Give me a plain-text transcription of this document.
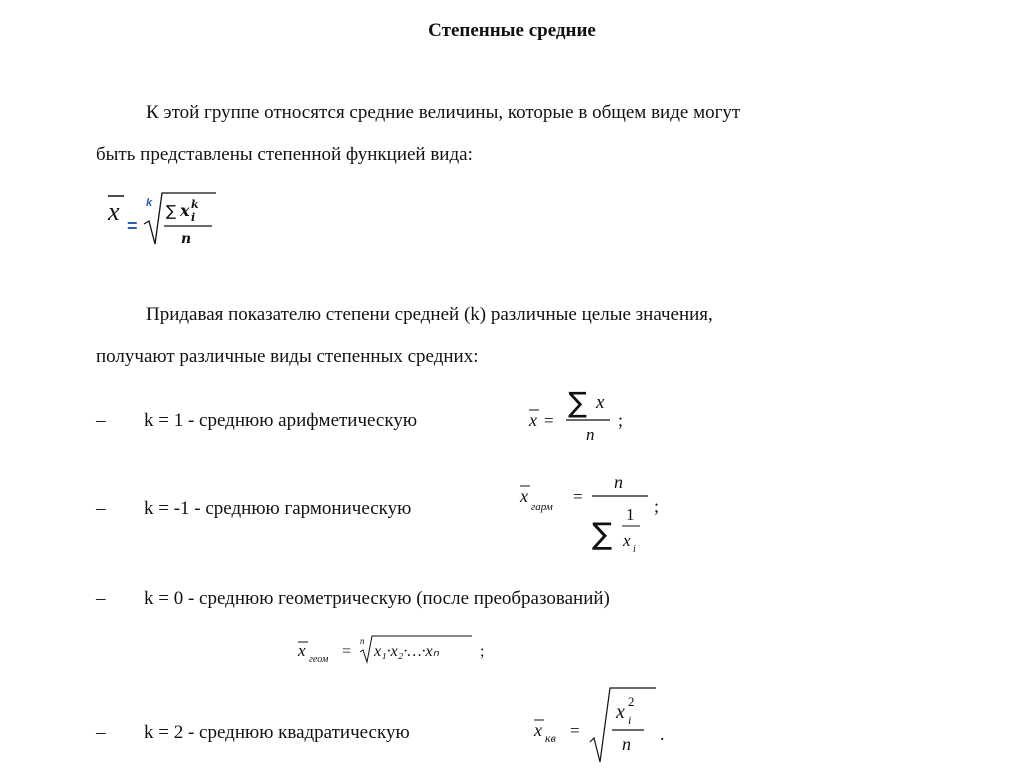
Степенные средние
К этой группе относятся средние величины, которые в общем виде могут
быть представлены степенной функцией вида:
x =
k ∑ x k
i
n
Придавая показателю степени средней (k) различные целые значения,
получают различные виды степенных средних:
– k = 1 - среднюю арифметическую	x =
∑ x
n
;
– k = -1 - среднюю гармоническую
x
гарм
=
n
∑
1
x i
;
– k = 0 - среднюю геометрическую (после преобразований)
x геом =
n
x₁·x₂·…·xₙ	;
– k = 2 - среднюю квадратическую	x кв =
x 2
i
n .
